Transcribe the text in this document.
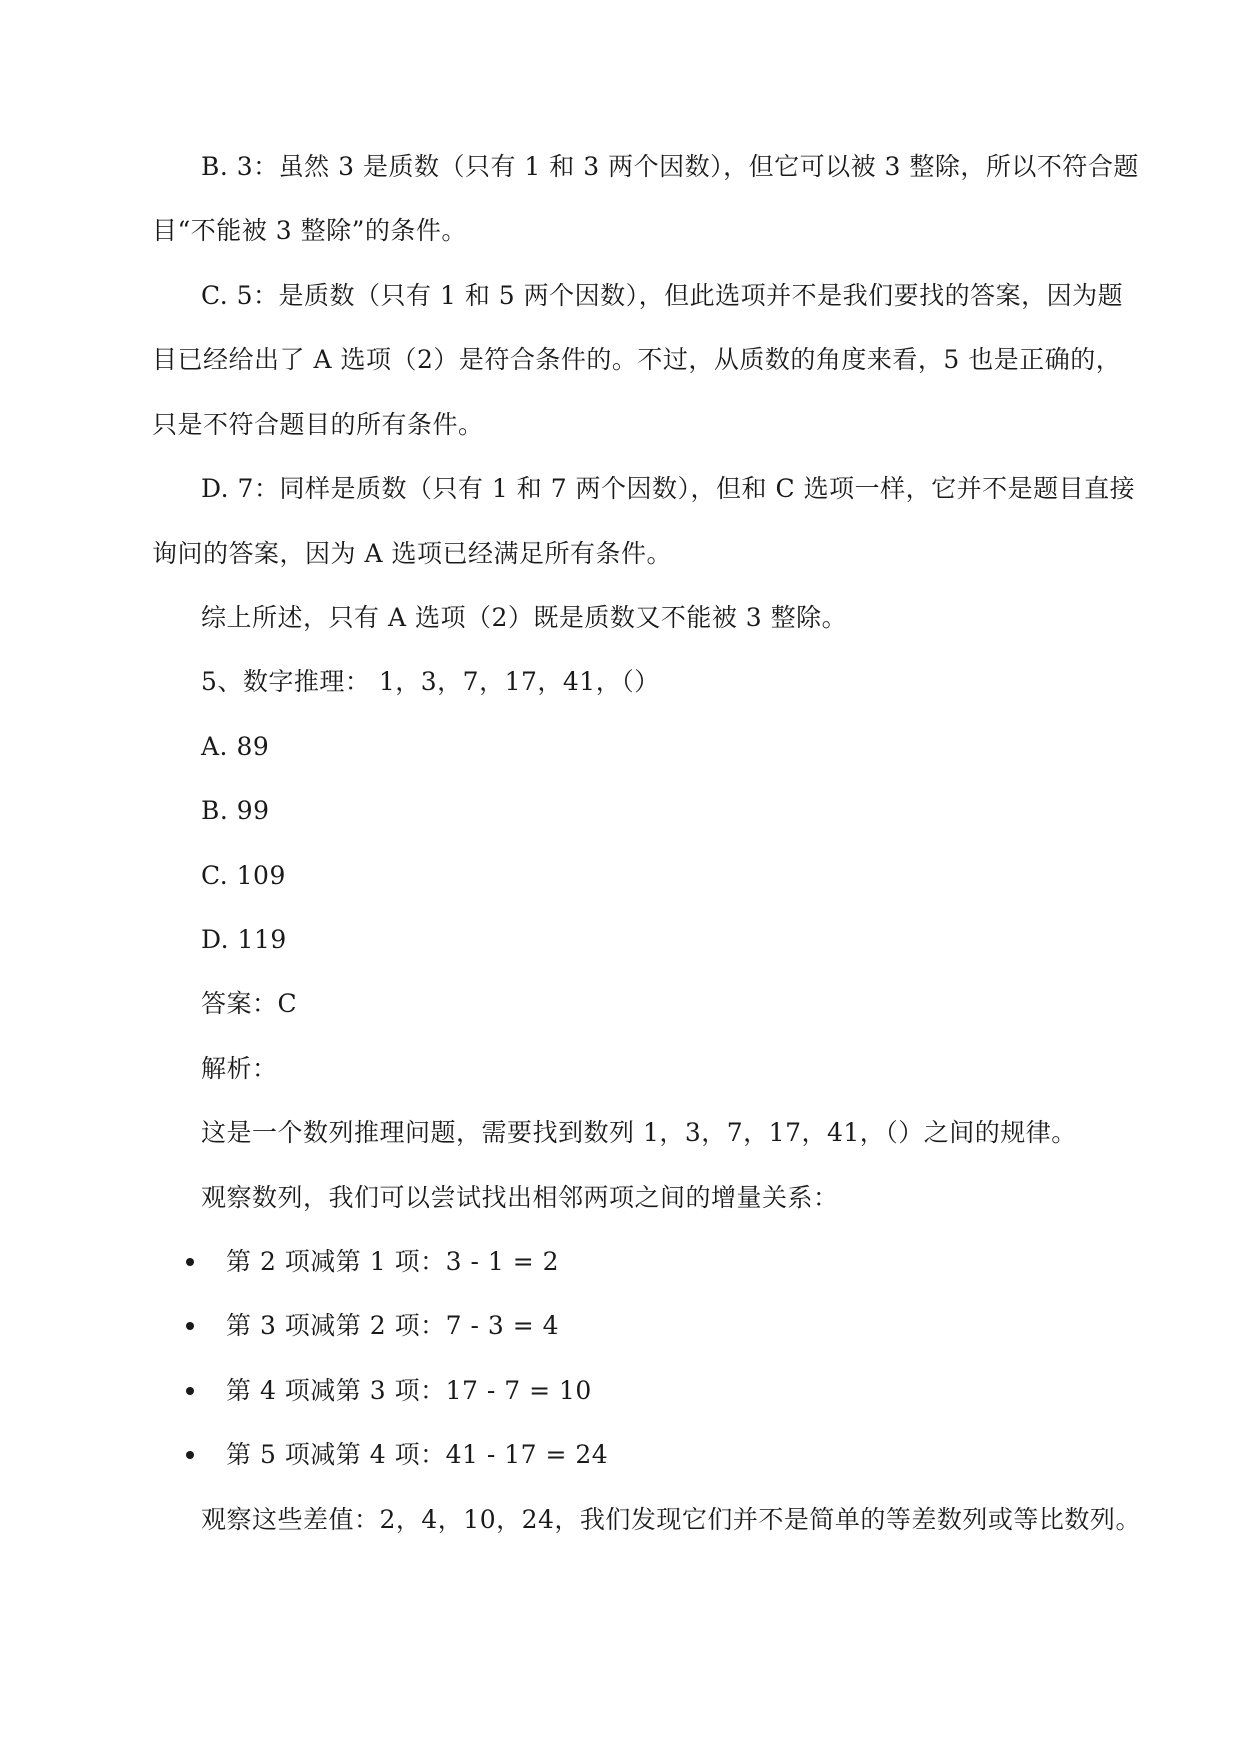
B. 3：虽然 3 是质数（只有 1 和 3 两个因数），但它可以被 3 整除，所以不符合题
目“不能被 3 整除”的条件。
C. 5：是质数（只有 1 和 5 两个因数），但此选项并不是我们要找的答案，因为题
目已经给出了 A 选项（2）是符合条件的。不过，从质数的角度来看，5 也是正确的，
只是不符合题目的所有条件。
D. 7：同样是质数（只有 1 和 7 两个因数），但和 C 选项一样，它并不是题目直接
询问的答案，因为 A 选项已经满足所有条件。
综上所述，只有 A 选项（2）既是质数又不能被 3 整除。
5、数字推理： 1，3，7，17，41，（）
A. 89
B. 99
C. 109
D. 119
答案：C
解析：
这是一个数列推理问题，需要找到数列 1，3，7，17，41，（）之间的规律。
观察数列，我们可以尝试找出相邻两项之间的增量关系：
第 2 项减第 1 项：3 - 1 = 2
第 3 项减第 2 项：7 - 3 = 4
第 4 项减第 3 项：17 - 7 = 10
第 5 项减第 4 项：41 - 17 = 24
观察这些差值：2，4，10，24，我们发现它们并不是简单的等差数列或等比数列。
